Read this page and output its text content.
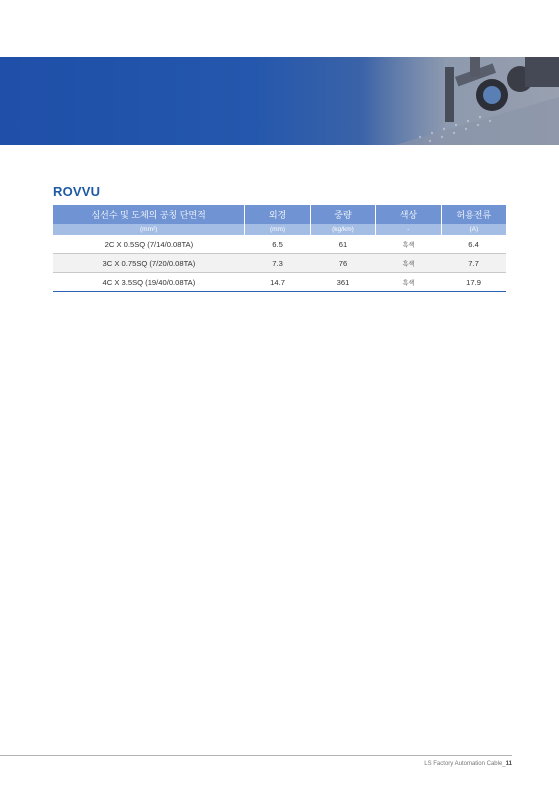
ROVVU
심선수 및 도체의 공칭 단면적	외경	중량	색상	허용전류
(mm²)	(mm)	(kg/km)	-	(A)
2C X 0.5SQ (7/14/0.08TA)	6.5	61	흑색	6.4
3C X 0.75SQ (7/20/0.08TA)	7.3	76	흑색	7.7
4C X 3.5SQ (19/40/0.08TA)	14.7	361	흑색	17.9
LS Factory Automation Cable_11
